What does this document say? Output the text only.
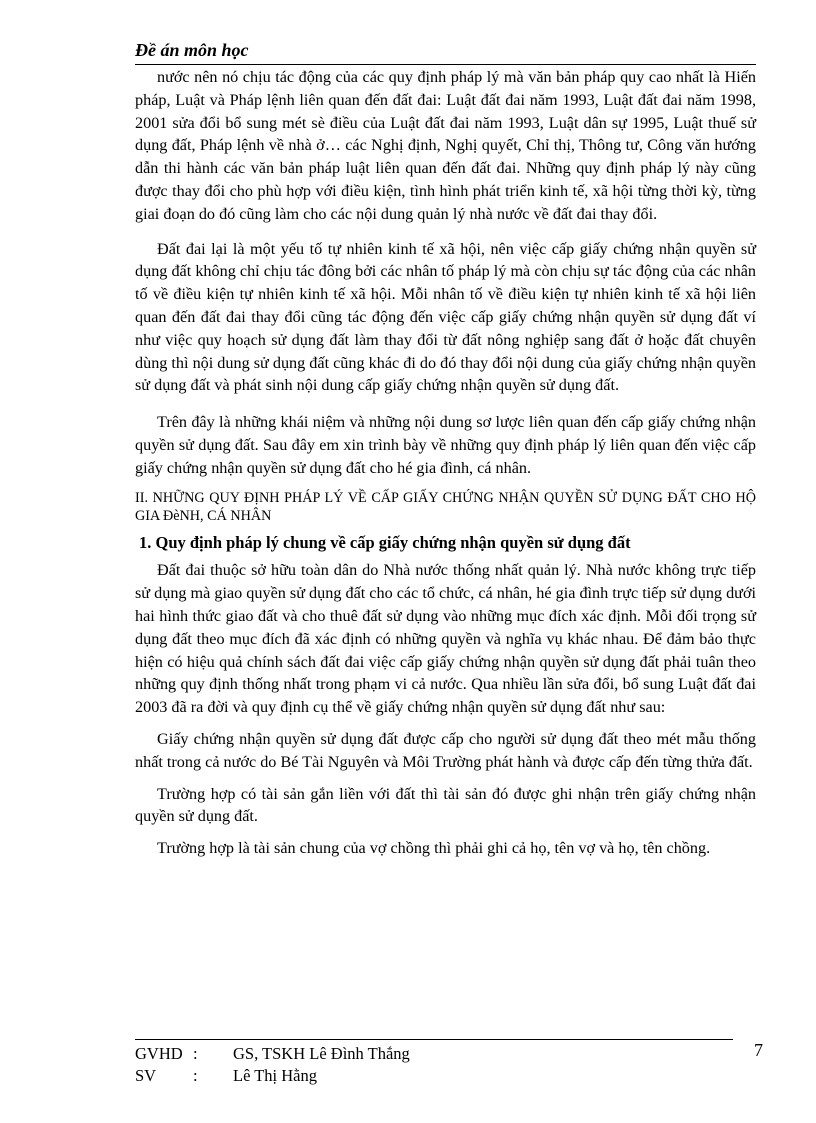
Đề án môn học

nước nên nó chịu tác động của các quy định pháp lý mà văn bản pháp quy cao nhất là Hiến pháp, Luật và Pháp lệnh liên quan đến đất đai: Luật đất đai năm 1993, Luật đất đai năm 1998, 2001 sửa đổi bổ sung mét sè điều của Luật đất đai năm 1993, Luật dân sự 1995, Luật thuế sử dụng đất, Pháp lệnh về nhà ở… các Nghị định, Nghị quyết, Chỉ thị, Thông tư, Công văn hướng dẫn thi hành các văn bản pháp luật liên quan đến đất đai. Những quy định pháp lý này cũng được thay đổi cho phù hợp với điều kiện, tình hình phát triển kinh tế, xã hội từng thời kỳ, từng giai đoạn do đó cũng làm cho các nội dung quản lý nhà nước về đất đai thay đổi.

Đất đai lại là một yếu tố tự nhiên kinh tế xã hội, nên việc cấp giấy chứng nhận quyền sử dụng đất không chỉ chịu tác đông bởi các nhân tố pháp lý mà còn chịu sự tác động của các nhân tố về điều kiện tự nhiên kinh tế xã hội. Mỗi nhân tố về điều kiện tự nhiên kinh tế xã hội liên quan đến đất đai thay đổi cũng tác động đến việc cấp giấy chứng nhận quyền sử dụng đất ví như việc quy hoạch sử dụng đất làm thay đổi từ đất nông nghiệp sang đất ở hoặc đất chuyên dùng thì nội dung sử dụng đất cũng khác đi do đó thay đổi nội dung của giấy chứng nhận quyền sử dụng đất và phát sinh nội dung cấp giấy chứng nhận quyền sử dụng đất.

Trên đây là những khái niệm và những nội dung sơ lược liên quan đến cấp giấy chứng nhận quyền sử dụng đất. Sau đây em xin trình bày về những quy định pháp lý liên quan đến việc cấp giấy chứng nhận quyền sử dụng đất cho hé gia đình, cá nhân.

II. NHỮNG QUY ĐỊNH PHÁP LÝ VỀ CẤP GIẤY CHỨNG NHẬN QUYỀN SỬ DỤNG ĐẤT CHO HỘ GIA ĐèNH, CÁ NHÂN

1. Quy định pháp lý chung về cấp giấy chứng nhận quyền sử dụng đất

Đất đai thuộc sở hữu toàn dân do Nhà nước thống nhất quản lý. Nhà nước không trực tiếp sử dụng mà giao quyền sử dụng đất cho các tổ chức, cá nhân, hé gia đình trực tiếp sử dụng dưới hai hình thức giao đất và cho thuê đất sử dụng vào những mục đích xác định. Mỗi đối trọng sử dụng đất theo mục đích đã xác định có những quyền và nghĩa vụ khác nhau. Để đảm bảo thực hiện có hiệu quả chính sách đất đai việc cấp giấy chứng nhận quyền sử dụng đất phải tuân theo những quy định thống nhất trong phạm vi cả nước. Qua nhiều lần sửa đổi, bổ sung Luật đất đai 2003 đã ra đời và quy định cụ thể về giấy chứng nhận quyền sử dụng đất như sau:

Giấy chứng nhận quyền sử dụng đất được cấp cho người sử dụng đất theo mét mẫu thống nhất trong cả nước do Bé Tài Nguyên và Môi Trường phát hành và được cấp đến từng thửa đất.

Trường hợp có tài sản gắn liền với đất thì tài sản đó được ghi nhận trên giấy chứng nhận quyền sử dụng đất.

Trường hợp là tài sản chung của vợ chồng thì phải ghi cả họ, tên vợ và họ, tên chồng.

GVHD :	GS, TSKH Lê Đình Thắng
SV	:	Lê Thị Hằng
7
